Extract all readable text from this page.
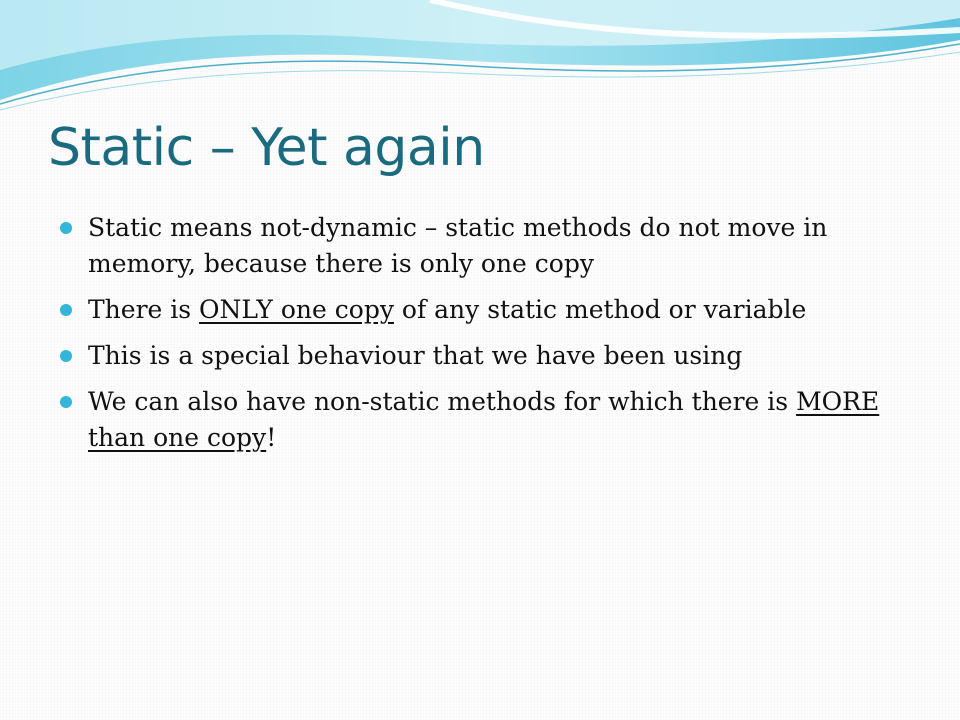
Static – Yet again
Static means not-dynamic – static methods do not move in memory, because there is only one copy
There is ONLY one copy of any static method or variable
This is a special behaviour that we have been using
We can also have non-static methods for which there is MORE than one copy!
